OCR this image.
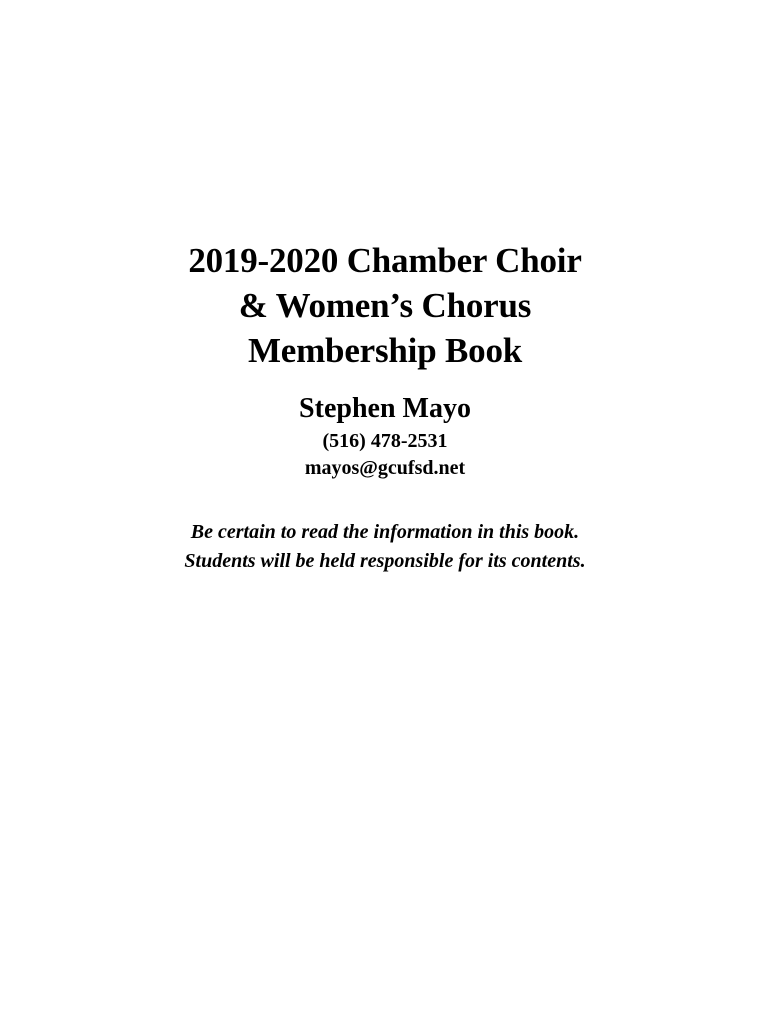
2019-2020 Chamber Choir
& Women’s Chorus
Membership Book
Stephen Mayo
(516) 478-2531
mayos@gcufsd.net
Be certain to read the information in this book.
Students will be held responsible for its contents.
